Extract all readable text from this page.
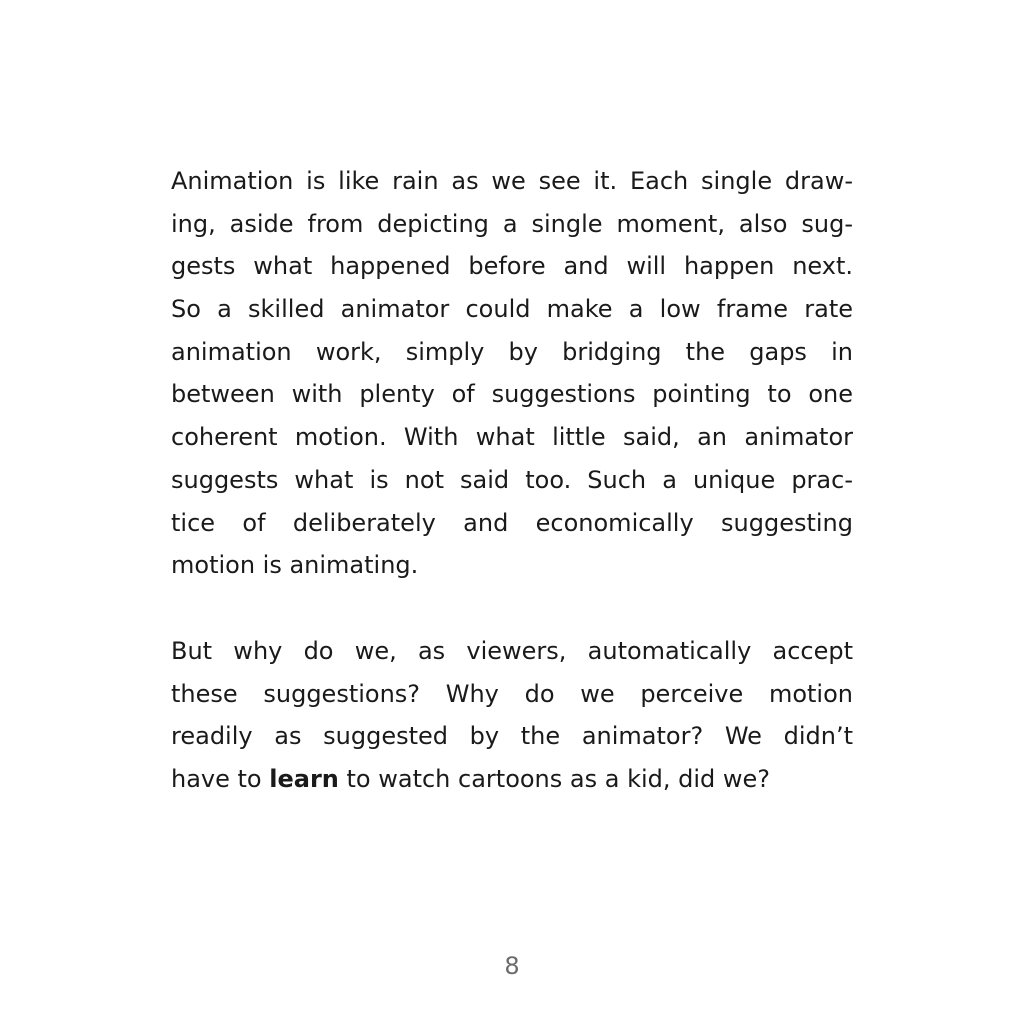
Animation is like rain as we see it. Each single draw-
ing, aside from depicting a single moment, also sug-
gests what happened before and will happen next.
So a skilled animator could make a low frame rate
animation work, simply by bridging the gaps in
between with plenty of suggestions pointing to one
coherent motion. With what little said, an animator
suggests what is not said too. Such a unique prac-
tice of deliberately and economically suggesting
motion is animating.
But why do we, as viewers, automatically accept
these suggestions? Why do we perceive motion
readily as suggested by the animator? We didn’t
have to learn to watch cartoons as a kid, did we?
8
